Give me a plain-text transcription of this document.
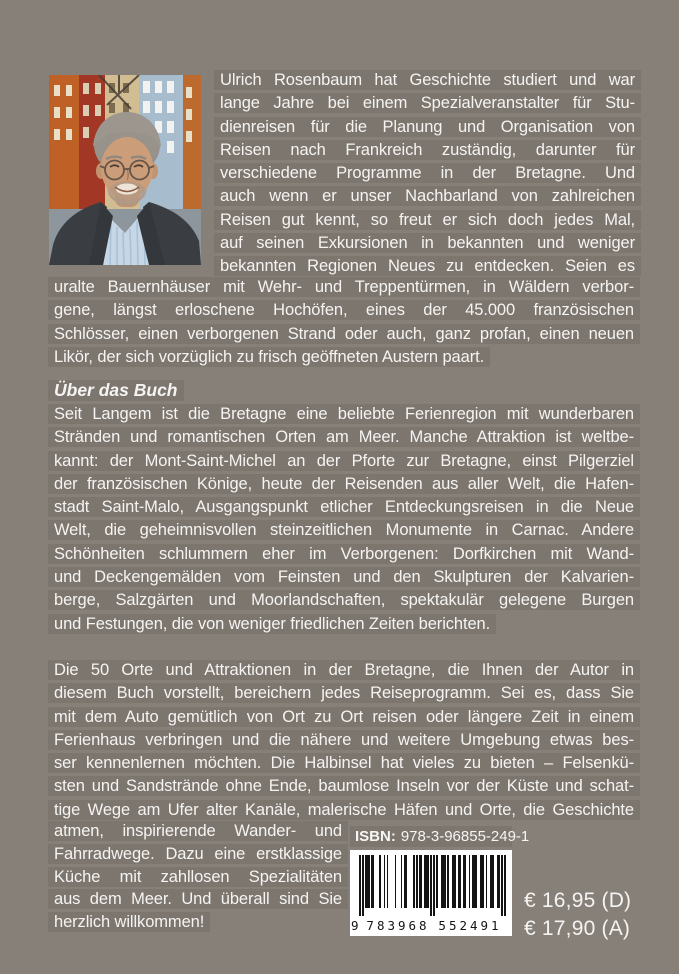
Ulrich Rosenbaum hat Geschichte studiert und war
lange Jahre bei einem Spezialveranstalter für Stu-
dienreisen für die Planung und Organisation von
Reisen nach Frankreich zuständig, darunter für
verschiedene Programme in der Bretagne. Und
auch wenn er unser Nachbarland von zahlreichen
Reisen gut kennt, so freut er sich doch jedes Mal,
auf seinen Exkursionen in bekannten und weniger
bekannten Regionen Neues zu entdecken. Seien es
uralte Bauernhäuser mit Wehr- und Treppentürmen, in Wäldern verbor-
gene, längst erloschene Hochöfen, eines der 45.000 französischen
Schlösser, einen verborgenen Strand oder auch, ganz profan, einen neuen
Likör, der sich vorzüglich zu frisch geöffneten Austern paart.
Über das Buch
Seit Langem ist die Bretagne eine beliebte Ferienregion mit wunderbaren
Stränden und romantischen Orten am Meer. Manche Attraktion ist weltbe-
kannt: der Mont-Saint-Michel an der Pforte zur Bretagne, einst Pilgerziel
der französischen Könige, heute der Reisenden aus aller Welt, die Hafen-
stadt Saint-Malo, Ausgangspunkt etlicher Entdeckungsreisen in die Neue
Welt, die geheimnisvollen steinzeitlichen Monumente in Carnac. Andere
Schönheiten schlummern eher im Verborgenen: Dorfkirchen mit Wand-
und Deckengemälden vom Feinsten und den Skulpturen der Kalvarien-
berge, Salzgärten und Moorlandschaften, spektakulär gelegene Burgen
und Festungen, die von weniger friedlichen Zeiten berichten.
Die 50 Orte und Attraktionen in der Bretagne, die Ihnen der Autor in
diesem Buch vorstellt, bereichern jedes Reiseprogramm. Sei es, dass Sie
mit dem Auto gemütlich von Ort zu Ort reisen oder längere Zeit in einem
Ferienhaus verbringen und die nähere und weitere Umgebung etwas bes-
ser kennenlernen möchten. Die Halbinsel hat vieles zu bieten – Felsenkü-
sten und Sandstrände ohne Ende, baumlose Inseln vor der Küste und schat-
tige Wege am Ufer alter Kanäle, malerische Häfen und Orte, die Geschichte
atmen, inspirierende Wander- und
Fahrradwege. Dazu eine erstklassige
Küche mit zahllosen Spezialitäten
aus dem Meer. Und überall sind Sie
herzlich willkommen!
ISBN: 978-3-96855-249-1
9 783968 552491
€ 16,95 (D)
€ 17,90 (A)
